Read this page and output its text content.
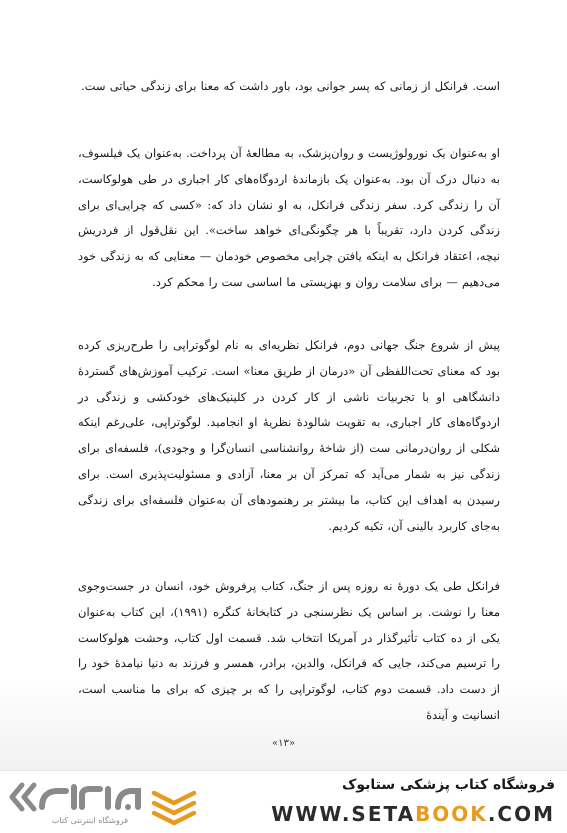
است. فرانکل از زمانی که پسر جوانی بود، باور داشت که معنا برای زندگی حیاتی ست.
او به‌عنوان یک نورولوژیست و روان‌پزشک، به مطالعهٔ آن پرداخت. به‌عنوان یک فیلسوف، به دنبال درک آن بود. به‌عنوان یک بازماندهٔ اردوگاه‌های کار اجباری در طی هولوکاست، آن را زندگی کرد. سفر زندگی فرانکل، به او نشان داد که: «کسی که چرایی‌ای برای زندگی کردن دارد، تقریباً با هر چگونگی‌ای خواهد ساخت». این نقل‌قول از فردریش نیچه، اعتقاد فرانکل به اینکه یافتن چرایی مخصوص خودمان — معنایی که به زندگی خود می‌دهیم — برای سلامت روان و بهزیستی ما اساسی ست را محکم کرد.
پیش از شروع جنگ جهانی دوم، فرانکل نظریه‌ای به نام لوگوتراپی را طرح‌ریزی کرده بود که معنای تحت‌اللفظی آن «درمان از طریق معنا» است. ترکیب آموزش‌های گستردهٔ دانشگاهی او با تجربیات ناشی از کار کردن در کلینیک‌های خودکشی و زندگی در اردوگاه‌های کار اجباری، به تقویت شالودهٔ نظریهٔ او انجامید. لوگوتراپی، علی‌رغم اینکه شکلی از روان‌درمانی ست (از شاخهٔ روانشناسی انسان‌گرا و وجودی)، فلسفه‌ای برای زندگی نیز به شمار می‌آید که تمرکز آن بر معنا، آزادی و مسئولیت‌پذیری است. برای رسیدن به اهداف این کتاب، ما بیشتر بر رهنمودهای آن به‌عنوان فلسفه‌ای برای زندگی به‌جای کاربرد بالینی آن، تکیه کردیم.
فرانکل طی یک دورهٔ نه روزه پس از جنگ، کتاب پرفروش خود، انسان در جست‌وجوی معنا را نوشت. بر اساس یک نظرسنجی در کتابخانهٔ کنگره (۱۹۹۱)، این کتاب به‌عنوان یکی از ده کتاب تأثیرگذار در آمریکا انتخاب شد. قسمت اول کتاب، وحشت هولوکاست را ترسیم می‌کند، جایی که فرانکل، والدین، برادر، همسر و فرزند به دنیا نیامدهٔ خود را از دست داد. قسمت دوم کتاب، لوگوتراپی را که بر چیزی که برای ما مناسب است، انسانیت و آیندهٔ
«۱۳»
فروشگاه کتاب پزشکی ستابوک
WWW.SETABOOK.COM
فروشگاه اینترنتی کتاب
